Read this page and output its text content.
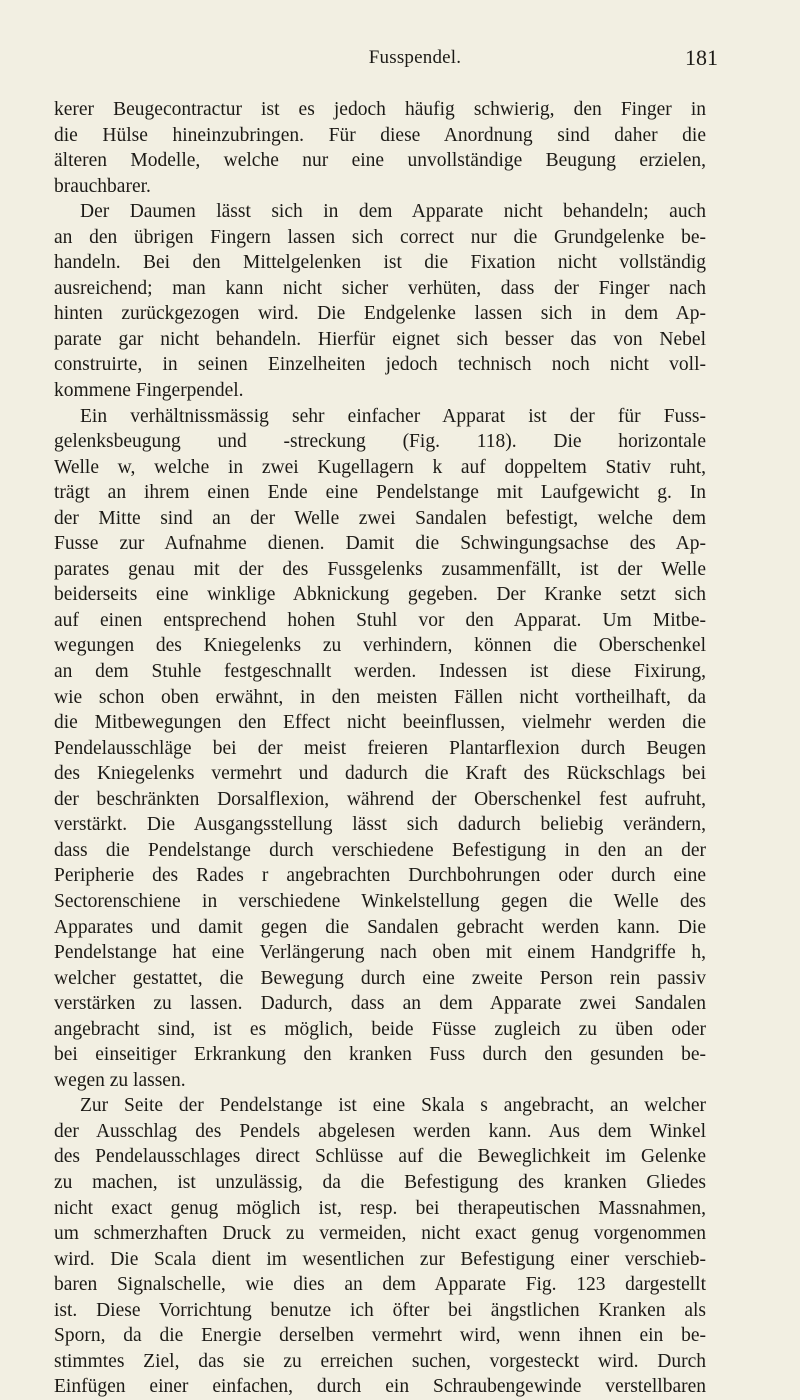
Fusspendel.	181
kerer Beugecontractur ist es jedoch häufig schwierig, den Finger in
die Hülse hineinzubringen. Für diese Anordnung sind daher die
älteren Modelle, welche nur eine unvollständige Beugung erzielen,
brauchbarer.
Der Daumen lässt sich in dem Apparate nicht behandeln; auch
an den übrigen Fingern lassen sich correct nur die Grundgelenke be-
handeln. Bei den Mittelgelenken ist die Fixation nicht vollständig
ausreichend; man kann nicht sicher verhüten, dass der Finger nach
hinten zurückgezogen wird. Die Endgelenke lassen sich in dem Ap-
parate gar nicht behandeln. Hierfür eignet sich besser das von Nebel
construirte, in seinen Einzelheiten jedoch technisch noch nicht voll-
kommene Fingerpendel.
Ein verhältnissmässig sehr einfacher Apparat ist der für Fuss-
gelenksbeugung und -streckung (Fig. 118). Die horizontale
Welle w, welche in zwei Kugellagern k auf doppeltem Stativ ruht,
trägt an ihrem einen Ende eine Pendelstange mit Laufgewicht g. In
der Mitte sind an der Welle zwei Sandalen befestigt, welche dem
Fusse zur Aufnahme dienen. Damit die Schwingungsachse des Ap-
parates genau mit der des Fussgelenks zusammenfällt, ist der Welle
beiderseits eine winklige Abknickung gegeben. Der Kranke setzt sich
auf einen entsprechend hohen Stuhl vor den Apparat. Um Mitbe-
wegungen des Kniegelenks zu verhindern, können die Oberschenkel
an dem Stuhle festgeschnallt werden. Indessen ist diese Fixirung,
wie schon oben erwähnt, in den meisten Fällen nicht vortheilhaft, da
die Mitbewegungen den Effect nicht beeinflussen, vielmehr werden die
Pendelausschläge bei der meist freieren Plantarflexion durch Beugen
des Kniegelenks vermehrt und dadurch die Kraft des Rückschlags bei
der beschränkten Dorsalflexion, während der Oberschenkel fest aufruht,
verstärkt. Die Ausgangsstellung lässt sich dadurch beliebig verändern,
dass die Pendelstange durch verschiedene Befestigung in den an der
Peripherie des Rades r angebrachten Durchbohrungen oder durch eine
Sectorenschiene in verschiedene Winkelstellung gegen die Welle des
Apparates und damit gegen die Sandalen gebracht werden kann. Die
Pendelstange hat eine Verlängerung nach oben mit einem Handgriffe h,
welcher gestattet, die Bewegung durch eine zweite Person rein passiv
verstärken zu lassen. Dadurch, dass an dem Apparate zwei Sandalen
angebracht sind, ist es möglich, beide Füsse zugleich zu üben oder
bei einseitiger Erkrankung den kranken Fuss durch den gesunden be-
wegen zu lassen.
Zur Seite der Pendelstange ist eine Skala s angebracht, an welcher
der Ausschlag des Pendels abgelesen werden kann. Aus dem Winkel
des Pendelausschlages direct Schlüsse auf die Beweglichkeit im Gelenke
zu machen, ist unzulässig, da die Befestigung des kranken Gliedes
nicht exact genug möglich ist, resp. bei therapeutischen Massnahmen,
um schmerzhaften Druck zu vermeiden, nicht exact genug vorgenommen
wird. Die Scala dient im wesentlichen zur Befestigung einer verschieb-
baren Signalschelle, wie dies an dem Apparate Fig. 123 dargestellt
ist. Diese Vorrichtung benutze ich öfter bei ängstlichen Kranken als
Sporn, da die Energie derselben vermehrt wird, wenn ihnen ein be-
stimmtes Ziel, das sie zu erreichen suchen, vorgesteckt wird. Durch
Einfügen einer einfachen, durch ein Schraubengewinde verstellbaren
